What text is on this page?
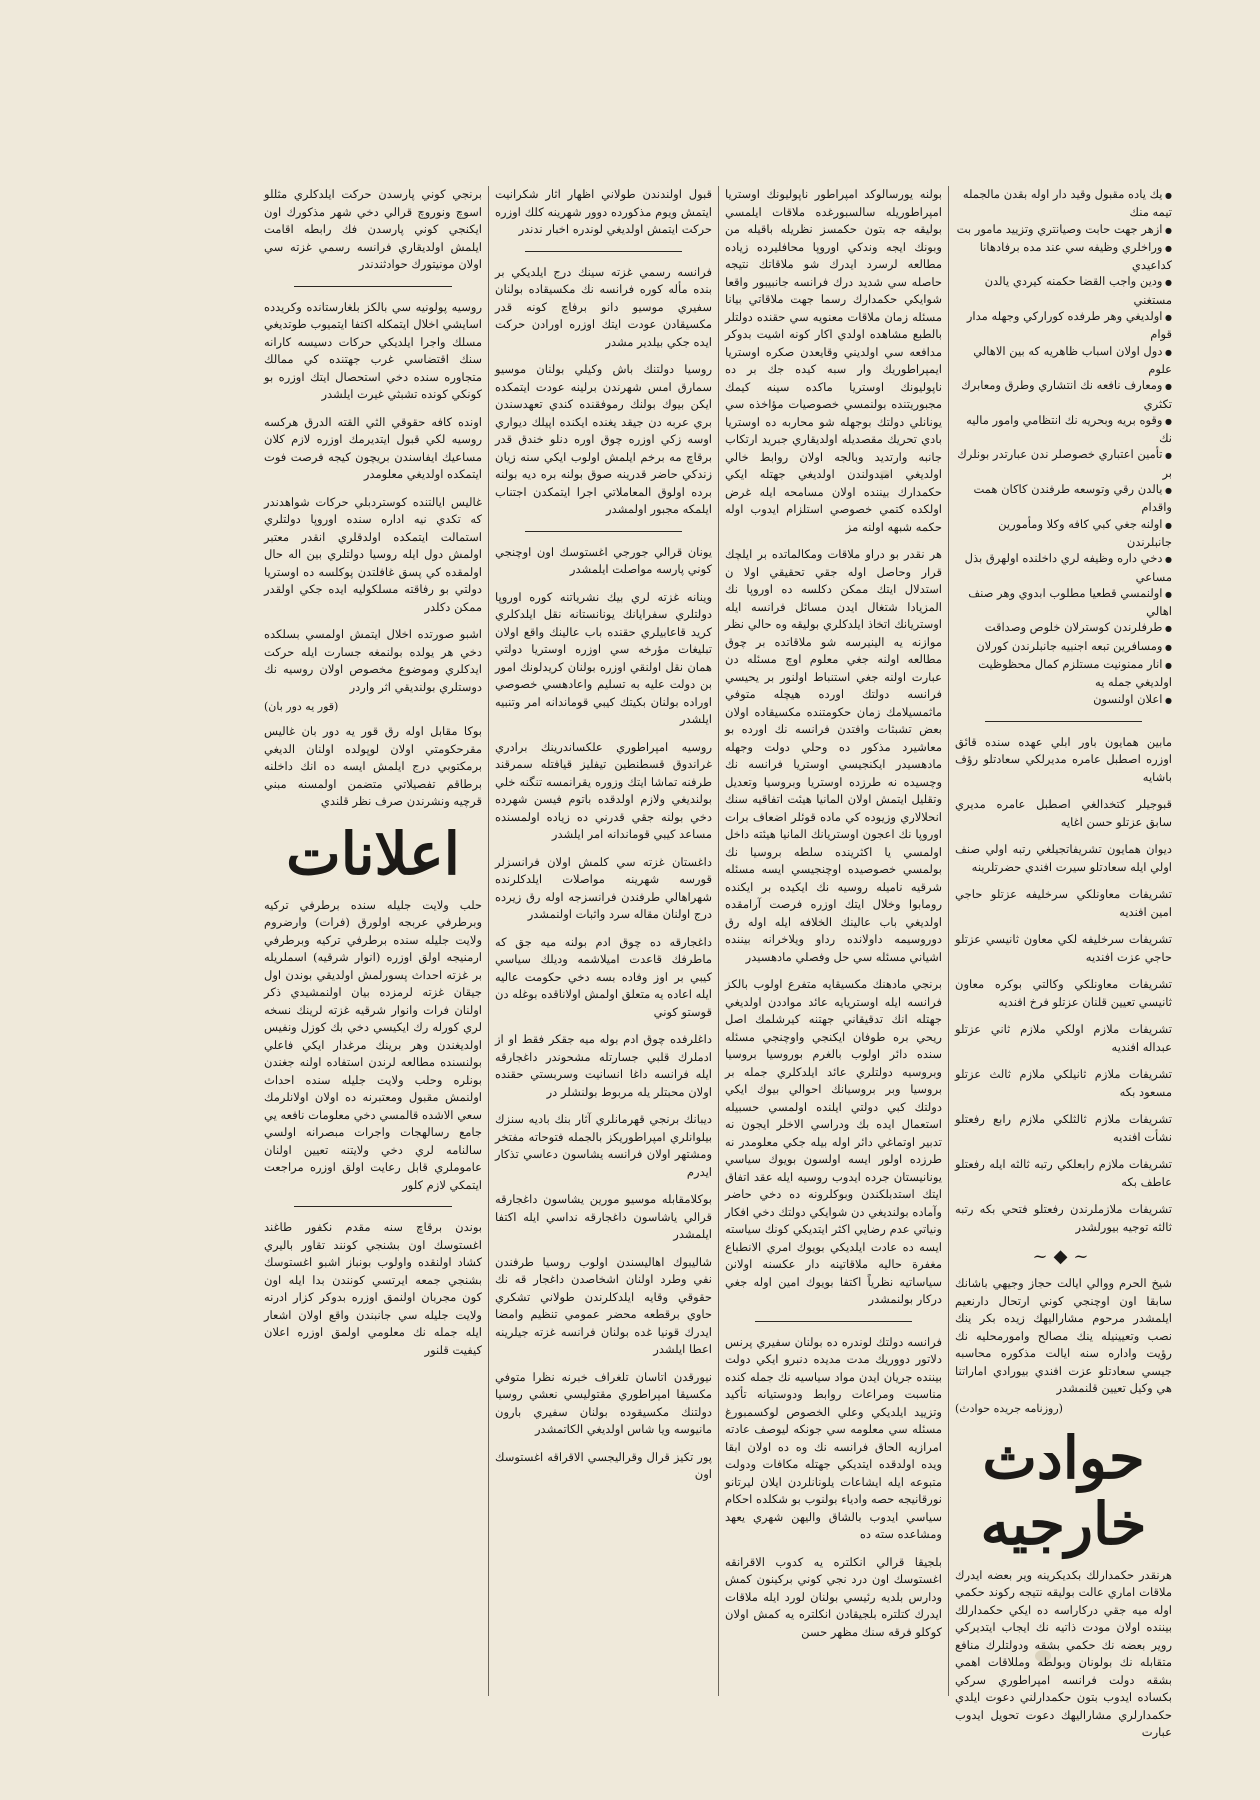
● يك ياده مقبول وقيد دار اوله بقدن مالجمله تيمه منك
● ازهر جهت حابت وصيانتري وتزييد مامور بت
● وراخلري وظيفه سي عند مده برفادهانا كداعيدي
● ودين واجب القضا حكمنه كيردي يالدن مستغني
● اولديغي وهر طرفده كوراركي وجهله مدار قوام
● دول اولان اسباب ظاهريه كه بين الاهالي علوم
● ومعارف نافعه نك انتشاري وطرق ومعابرك تكثري
● وقوه بريه وبحريه نك انتظامي وامور ماليه نك
● تأمين اعتباري خصوصلر ندن عبارتدر بونلرك بر
● يالدن رقي وتوسعه طرفندن كاكان همت واقدام
● اولنه جغي كبي كافه وكلا ومأمورين جانبلرندن
● دخي داره وظيفه لري داخلنده اولهرق بذل مساعي
● اولنمسي قطعيا مطلوب ابدوي وهر صنف اهالي
● طرفلرندن كوسترلان خلوص وصداقت
● ومسافرين تبعه اجنبيه جانبلرندن كورلان
● انار ممنونيت مستلزم كمال محظوظيت اولديغي جمله يه
● اعلان اولنسون

مابين همايون باور ابلي عهده سنده قائق اوزره اصطبل عامره مديرلكي سعادتلو رؤف باشايه

قبوجيلر كتخدالغي اصطبل عامره مديري سابق عزتلو حسن اغايه

ديوان همايون تشريفاتجيلغي رتبه اولي صنف اولي ايله سعادتلو سيرت افندي حضرتلرينه

تشريفات معاونلكي سرخليفه عزتلو حاجي امين افنديه

تشريفات سرخليفه لكي معاون ثانيسي عزتلو حاجي عزت افنديه

تشريفات معاونلكي وكالتي بوكره معاون ثانيسي تعيين قلنان عزتلو فرخ افنديه

تشريفات ملازم اولكي ملازم ثاني عزتلو عبداله افنديه

تشريفات ملازم ثانيلكي ملازم ثالث عزتلو مسعود بكه

تشريفات ملازم ثالثلكي ملازم رابع رفعتلو نشأت افنديه

تشريفات ملازم رابعلكي رتبه ثالثه ايله رفعتلو عاطف بكه

تشريفات ملازملرندن رفعتلو فتحي بكه رتبه ثالثه توجيه بيورلشدر

~◆~

شيخ الحرم ووالي ايالت حجاز وجيهي باشانك سابقا اون اوچنجي كوني ارتحال دارنعيم ايلمشدر مرحوم مشاراليهك زيده بكر ينك نصب وتعيينيله ينك مصالح وامورمحليه نك رؤيت واداره سنه ايالت مذكوره محاسبه جيسي سعادتلو عزت افندي بيورادي اماراتنا هي وكيل تعيين قلنمشدر

(روزنامه جريده حوادث)
حوادث خارجيه

هرنقدر حكمدارلك بكديكرينه وير بعضه ايدرك ملاقات اماري عالت بوليقه نتيجه ركوند حكمي اوله ميه جقي دركاراسه ده ايكي حكمدارلك بيننده اولان مودت ذاتيه نك ايجاب ايتديركي روير بعضه نك حكمي بشقه ودولتلرك منافع متقابله نك بولونان وبولطه ومللاقات اهمي بشقه دولت فرانسه امپراطوري سركي بكساده ايدوب بتون حكمدارلني دعوت ايلدي حكمدارلري مشاراليهك دعوت تحويل ايدوب عبارت

بولنه يورسالوكد امپراطور ناپوليونك اوستريا امپراطوريله سالسبورغده ملاقات ايلمسي بوليقه جه بتون حكمسز نظريله باقيله من وبونك ايجه وندكي اوروپا محافليرده زياده مطالعه لرسرد ايدرك شو ملاقاتك نتيجه حاصله سي شديد درك فرانسه جانبيبور واقعا شوايكي حكمدارك رسما جهت ملاقاتي بيانا مسئله زمان ملاقات معنويه سي حقنده دولتلر بالطبع مشاهده اولدي اكار كونه اشيت بدوكر مدافعه سي اولديني وقايعدن صكره اوستريا ايمپراطوريك وار سبه كيده جك بر ده ناپوليونك اوستريا ماكده سينه كيمك مجبوريتنده بولنمسي خصوصيات مؤاخذه سي يونانلي دولتك بوجهله شو محاربه ده اوستريا بادي تحريك مقصديله اولديقاري جبريد ارتكاب جانبه وارتديد وبالجه اولان روابط خالي اولديغي اميدولندن اولديغي جهتله ايكي حكمدارك بيننده اولان مسامحه ايله غرض اولكده كتمي خصوصي استلزام ايدوب اوله حكمه شبهه اولنه مز

هر نقدر بو دراو ملاقات ومكالماتده بر ايلچك قرار وحاصل اوله جقي تحقيقي اولا ن استدلال ايتك ممكن دكلسه ده اوروپا نك المزيادا شتغال ايدن مسائل فرانسه ايله اوستريانك اتخاذ ايلدكلري بوليقه وه حالي نظر موازنه يه الينيرسه شو ملاقاتده بر چوق مطالعه اولنه جغي معلوم اوچ مسئله دن عبارت اولنه جغي استنباط اولنور بر يحيسي فرانسه دولتك اورده هيچله متوفي ماثمسيلامك زمان حكومتنده مكسيقاده اولان بعض تشبثات وافتدن فرانسه نك اورده بو معاشيرد مذكور ده وحلي دولت وجهله مادهسيدر ايكنجيسي اوستريا فرانسه نك وچسيده نه طرزده اوستريا وبروسيا وتعديل وتقليل ايتمش اولان المانيا هيئت اتفاقيه سنك انحلالاري وزيوده كي ماده قوئلر اضعاف برات اوروپا نك اعجون اوستريانك المانيا هيئته داخل اولمسي يا اكثرينده سلطه بروسيا نك بولمسي خصوصيده اوچنجيسي ايسه مسئله شرقيه ناميله روسيه نك ايكيده بر ايكنده رومابوا وخلال ايتك اوزره فرصت آرامقده اولديغي باب عالينك الخلافه ايله اوله رق دوروسيمه داولانده رداو ويلاخرانه بيننده اشياني مسئله سي حل وفصلي مادهسيدر

برنجي مادهنك مكسيقايه متفرع اولوب بالكز فرانسه ايله اوستريايه عائد مواددن اولديغي جهتله انك تدقيقاني جهتنه كيرشلمك اصل ريحي بره طوفان ايكنجي واوچنجي مسئله سنده دائر اولوب بالغرم بوروسيا بروسيا وبروسيه دولتلري عائد ايلدكلري جمله بر بروسيا وبر بروسيانك احوالي بيوك ايكي دولتك كبي دولتي ايلنده اولمسي حسبيله استعمال ايده بك ودراسي الاخلر ايجون نه تدبير اوتماغي دائر اوله بيله جكي معلومدر نه طرزده اولور ايسه اولسون بويوك سياسي يونانيستان جرده ايدوب روسيه ايله عقد اتفاق ايتك استدبلكندن وبوكلرونه ده دخي حاضر وآماده بولنديغي دن شوايكي دولتك دخي افكار ونياتي عدم رضايي اكثر ايتديكي كونك سياسته ايسه ده عادت ايلديكي بويوك امري الانطباع مغفرة حاليه ملاقاتينه دار عكسنه اولانن سياساتيه نظرياً اكتفا بويوك امين اوله جغي دركار بولنمشدر

فرانسه دولتك لوندره ده بولنان سفيري پرنس دلاتور دووريك مدت مديده دنبرو ايكي دولت بيننده جريان ايدن مواد سياسيه نك جمله كنده مناسبت ومراعات روابط ودوستيانه تأكيد وتزييد ايلديكي وعلي الخصوص لوكسمبورغ مسئله سي معلومه سي جونكه ليوصف عادته امرازيه الحاق فرانسه نك وه ده اولان ابقا ويده اولدقده ايتديكي جهتله مكافات ودولت متبوعه ايله ايشاعات يلونانلردن ايلان ليرتانو نورقانيجه حصه وادياء بولنوب بو شكلده احكام سياسي ايدوب بالشاق واليهن شهري يعهد ومشاعده سته ده

بلجيقا قرالي انكلتره يه كدوب الاقرانقه اغستوسك اون درد نجي كوني بركينون كمش ودارس بلديه رئيسي بولنان لورد ايله ملاقات ايدرك كتلتره بلجيقادن انكلتره يه كمش اولان كوكلو فرقه سنك مظهر حسن

قبول اولندندن طولاني اظهار اثار شكرانيت ايتمش ويوم مذكورده دوور شهرينه كلك اوزره حركت ايتمش اولديغي لوندره اخبار ندندر

فرانسه رسمي غزته سينك درج ايلديكي بر بنده مأله كوره فرانسه نك مكسيقاده بولنان سفيري موسيو دانو برفاچ كونه قدر مكسيقادن عودت ايتك اوزره اورادن حركت ايده جكي بيلدير مشدر

روسيا دولتنك باش وكيلي بولنان موسيو سمارق امس شهرندن برلينه عودت ايتمكده ايكن بيوك بولنك رموفقنده كندي تعهدسندن بري عربه دن جيقد يغنده ايكنده اپيلك ديواري اوسه زكي اوزره چوق اوره دنلو خندق قدر برقاچ مه برخم ايلمش اولوب ايكي سنه زيان زندكي حاضر قدرينه صوق بولنه بره ديه بولنه برده اولوق المعاملاتي اجرا ايتمكدن اجتناب ايلمكه مجبور اولمشدر

يونان قرالي جورجي اغستوسك اون اوچنجي كوني پارسه مواصلت ايلمشدر

وينانه غزته لري بيك نشرياتنه كوره اوروپا دولتلري سفرايانك يونانستانه نقل ايلدكلري كريد قاعابيلري حقنده باب عالينك واقع اولان تبليغات مؤرخه سي اوزره اوستريا دولتي همان نقل اولنقي اوزره بولنان كريدلونك امور بن دولت عليه به تسليم واعادهسي خصوصي اوراده بولنان بكيتك كيبي قوماندانه امر وتنبيه ايلشدر

روسيه امپراطوري علكساندرينك برادري غراندوق قسطنطين تيفليز قيافتله سمرقند طرفنه تماشا ايتك وزوره يقرانمسه تنگنه خلي بولنديغي ولازم اولدقده باتوم فيسن شهرده دخي بولنه جقي قدرني ده زياده اولمسنده مساعد كيبي قوماندانه امر ايلشدر

داغستان غزته سي كلمش اولان فرانسزلر قورسه شهرينه مواصلات ايلدكلرنده شهراهالي طرفندن فرانسزجه اوله رق زيرده درج اولنان مقاله سرد واثبات اولنمشدر

داغجارقه ده چوق ادم بولنه ميه جق كه ماطرفك قاعدت اميلاشمه وديلك سياسي كيبي بر اوز وفاده بسه دخي حكومت عاليه ايله اعاده يه متعلق اولمش اولاناقده بوغله دن قوستو كوني

داغلرفده چوق ادم بوله ميه جقكر فقط او از ادملرك قلبي جسارتله مشحوندر داغجارقه ايله فرانسه داغا انسانيت وسربستي حقنده اولان محبتلر يله مربوط بولنشلر در

ديبانك برنجي قهرمانلري آثار بنك باديه سنزك بيلوانلري امپراطوريكز بالجمله فتوحاته مفتخر ومشتهر اولان فرانسه يشاسون دعاسي تذكار ايدرم

بوكلامقابله موسيو مورين يشاسون داغجارقه قرالي ياشاسون داغجارقه نداسي ايله اكتفا ايلمشدر

شاليبوك اهاليسندن اولوب روسيا طرفندن نفي وطرد اولنان اشخاصدن داغجار قه نك حقوقي وقايه ايلدكلرندن طولاني تشكري حاوي برقطعه محضر عمومي تنظيم وامضا ايدرك قونيا غده بولنان فرانسه غزته جيلرينه اعطا ايلشدر

نيورقدن اتاسان تلغراف خبرنه نظرا متوفي مكسيقا امپراطوري مقتوليسي نعشي روسيا دولتنك مكسيقوده بولنان سفيري بارون مانيوسه ويا شاس اولديغي الكاتمشدر

پور تكيز قرال وقراليجسي الاقراقه اغستوسك اون

برنجي كوني پارسدن حركت ايلدكلري مثللو اسوچ ونوروچ قرالي دخي شهر مذكورك اون ايكنجي كوني پارسدن فك رابطه اقامت ايلمش اولديقاري فرانسه رسمي غزته سي اولان مونيتورك حوادثندندر

روسيه پولونيه سي بالكز بلغارستانده وكريدده اسايشي اخلال ايتمكله اكتفا ايتميوب طوتديغي مسلك واجرا ايلديكي حركات دسيسه كارانه سنك اقتضاسي غرب جهتنده كي ممالك متجاوره سنده دخي استحصال ايتك اوزره بو كونكي كونده تشبثي غيرت ايلشدر

اونده كافه حقوقي الثي القته الدرق هركسه روسيه لكي قبول ايتديرمك اوزره لازم كلان مساعيك ايفاسندن بريچون كيجه فرصت فوت ايتمكده اولديغي معلومدر

غاليس ايالتنده كوستردبلي حركات شواهدندر كه تكدي نيه اداره سنده اوروپا دولتلري استمالت ايتمكده اولدقلري انقدر معتبر اولمش دول ايله روسيا دولتلري بين اله حال اولمقده كي پسق غافلتدن پوكلسه ده اوستريا دولتي بو رفاقته مسلكوليه ايده جكي اولقدر ممكن دكلدر

اشبو صورتده اخلال ايتمش اولمسي بسلكده دخي هر يولده بولنمغه جسارت ايله حركت ايدكلري وموضوع مخصوص اولان روسيه نك دوستلري بولنديقي اثر واردر

(قور يه دور بان)

بوكا مقابل اوله رق قور يه دور بان غاليس مقرحكومتي اولان لوپولده اولنان الديغي برمكتوبي درج ايلمش ايسه ده انك داخلنه برطاقم تفصيلاتي متضمن اولمسنه مبني قرچيه ونشرندن صرف نظر قلندي

اعلانات

حلب ولايت جليله سنده برطرفي تركيه وبرطرفي عربجه اولورق (فرات) وارضروم ولايت جليله سنده برطرفي تركيه وبرطرفي ارمنيجه اولق اوزره (انوار شرقيه) اسملريله بر غزته احداث پسورلمش اولديقي بوندن اول جيقان غزته لرمزده بيان اولنمشيدي ذكر اولنان فرات وانوار شرقيه غزته لرينك نسخه لري كورله رك ايكيسي دخي بك كوزل ونفيس اولديغندن وهر برينك مرغدار ايكي فاعلي بولنسنده مطالعه لرندن استفاده اولنه جغندن بونلره وحلب ولايت جليله سنده احداث اولنمش مقبول ومعتبرنه ده اولان اولانلرمك سعي الاشده قالمسي دخي معلومات نافعه يي جامع رسالهجات واجرات مبصرانه اولسي سالنامه لري دخي ولايتنه تعيين اولنان عاموملري قابل رعايت اولق اوزره مراجعت ايتمكي لازم كلور

بوندن برقاچ سنه مقدم نكفور طاغند اغستوسك اون بشنجي كونند تقاور باليري كشاد اولنقده واولوب بونباز اشبو اغستوسك بشنجي جمعه ايرتسي كونندن بدا ايله اون كون مجربان اولنمق اوزره بدوكر كزار ادرنه ولايت جليله سي جانبندن واقع اولان اشعار ايله جمله نك معلومي اولمق اوزره اعلان كيفيت قلنور
